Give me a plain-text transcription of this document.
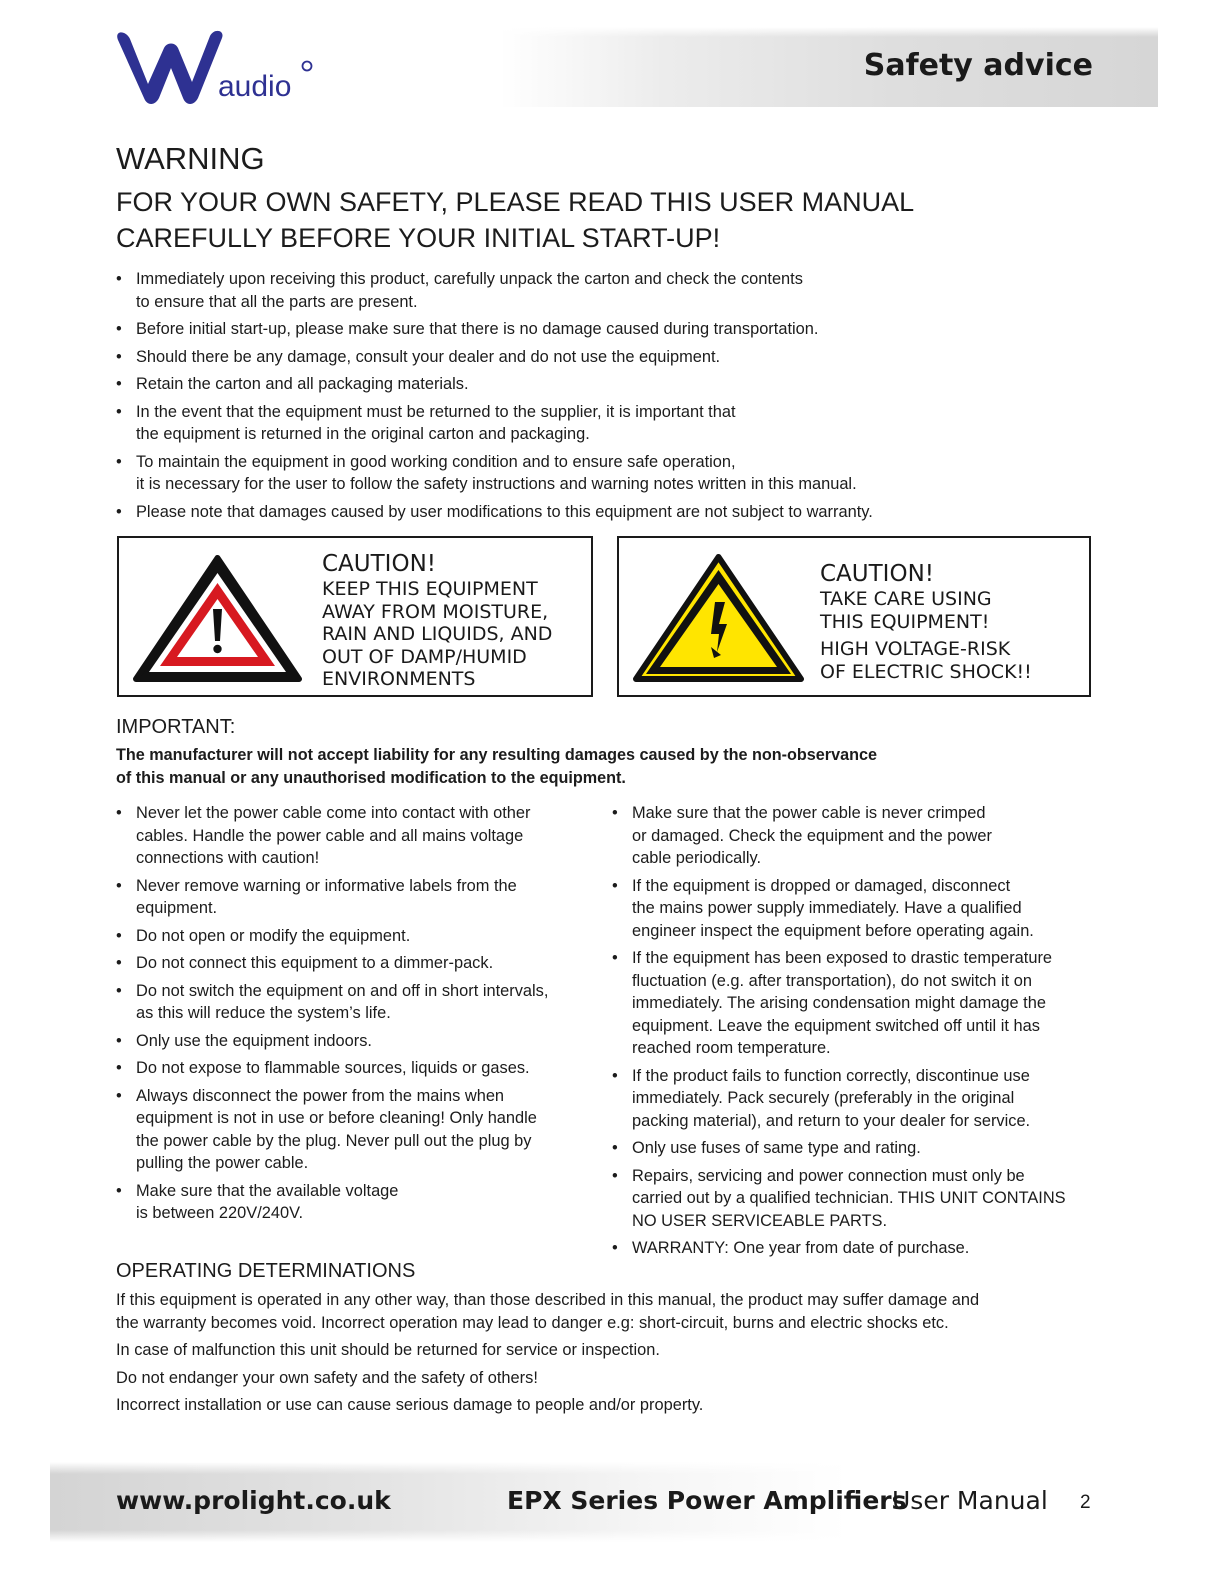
audio
Safety advice
WARNING
FOR YOUR OWN SAFETY, PLEASE READ THIS USER MANUAL
CAREFULLY BEFORE YOUR INITIAL START-UP!
• Immediately upon receiving this product, carefully unpack the carton and check the contents
to ensure that all the parts are present.
• Before initial start-up, please make sure that there is no damage caused during transportation.
• Should there be any damage, consult your dealer and do not use the equipment.
• Retain the carton and all packaging materials.
• In the event that the equipment must be returned to the supplier, it is important that
the equipment is returned in the original carton and packaging.
• To maintain the equipment in good working condition and to ensure safe operation,
it is necessary for the user to follow the safety instructions and warning notes written in this manual.
• Please note that damages caused by user modifications to this equipment are not subject to warranty.
CAUTION!
KEEP THIS EQUIPMENT
AWAY FROM MOISTURE,
RAIN AND LIQUIDS, AND
OUT OF DAMP/HUMID
ENVIRONMENTS
CAUTION!
TAKE CARE USING
THIS EQUIPMENT!
HIGH VOLTAGE-RISK
OF ELECTRIC SHOCK!!
IMPORTANT:
The manufacturer will not accept liability for any resulting damages caused by the non-observance
of this manual or any unauthorised modification to the equipment.
• Never let the power cable come into contact with other
cables. Handle the power cable and all mains voltage
connections with caution!
• Never remove warning or informative labels from the
equipment.
• Do not open or modify the equipment.
• Do not connect this equipment to a dimmer-pack.
• Do not switch the equipment on and off in short intervals,
as this will reduce the system’s life.
• Only use the equipment indoors.
• Do not expose to flammable sources, liquids or gases.
• Always disconnect the power from the mains when
equipment is not in use or before cleaning! Only handle
the power cable by the plug. Never pull out the plug by
pulling the power cable.
• Make sure that the available voltage
is between 220V/240V.
• Make sure that the power cable is never crimped
or damaged. Check the equipment and the power
cable periodically.
• If the equipment is dropped or damaged, disconnect
the mains power supply immediately. Have a qualified
engineer inspect the equipment before operating again.
• If the equipment has been exposed to drastic temperature
fluctuation (e.g. after transportation), do not switch it on
immediately. The arising condensation might damage the
equipment. Leave the equipment switched off until it has
reached room temperature.
• If the product fails to function correctly, discontinue use
immediately. Pack securely (preferably in the original
packing material), and return to your dealer for service.
• Only use fuses of same type and rating.
• Repairs, servicing and power connection must only be
carried out by a qualified technician. THIS UNIT CONTAINS
NO USER SERVICEABLE PARTS.
• WARRANTY: One year from date of purchase.
OPERATING DETERMINATIONS

If this equipment is operated in any other way, than those described in this manual, the product may suffer damage and
the warranty becomes void. Incorrect operation may lead to danger e.g: short-circuit, burns and electric shocks etc.

In case of malfunction this unit should be returned for service or inspection.

Do not endanger your own safety and the safety of others!

Incorrect installation or use can cause serious damage to people and/or property.

www.prolight.co.uk	EPX Series Power Amplifiers
User Manual 2
